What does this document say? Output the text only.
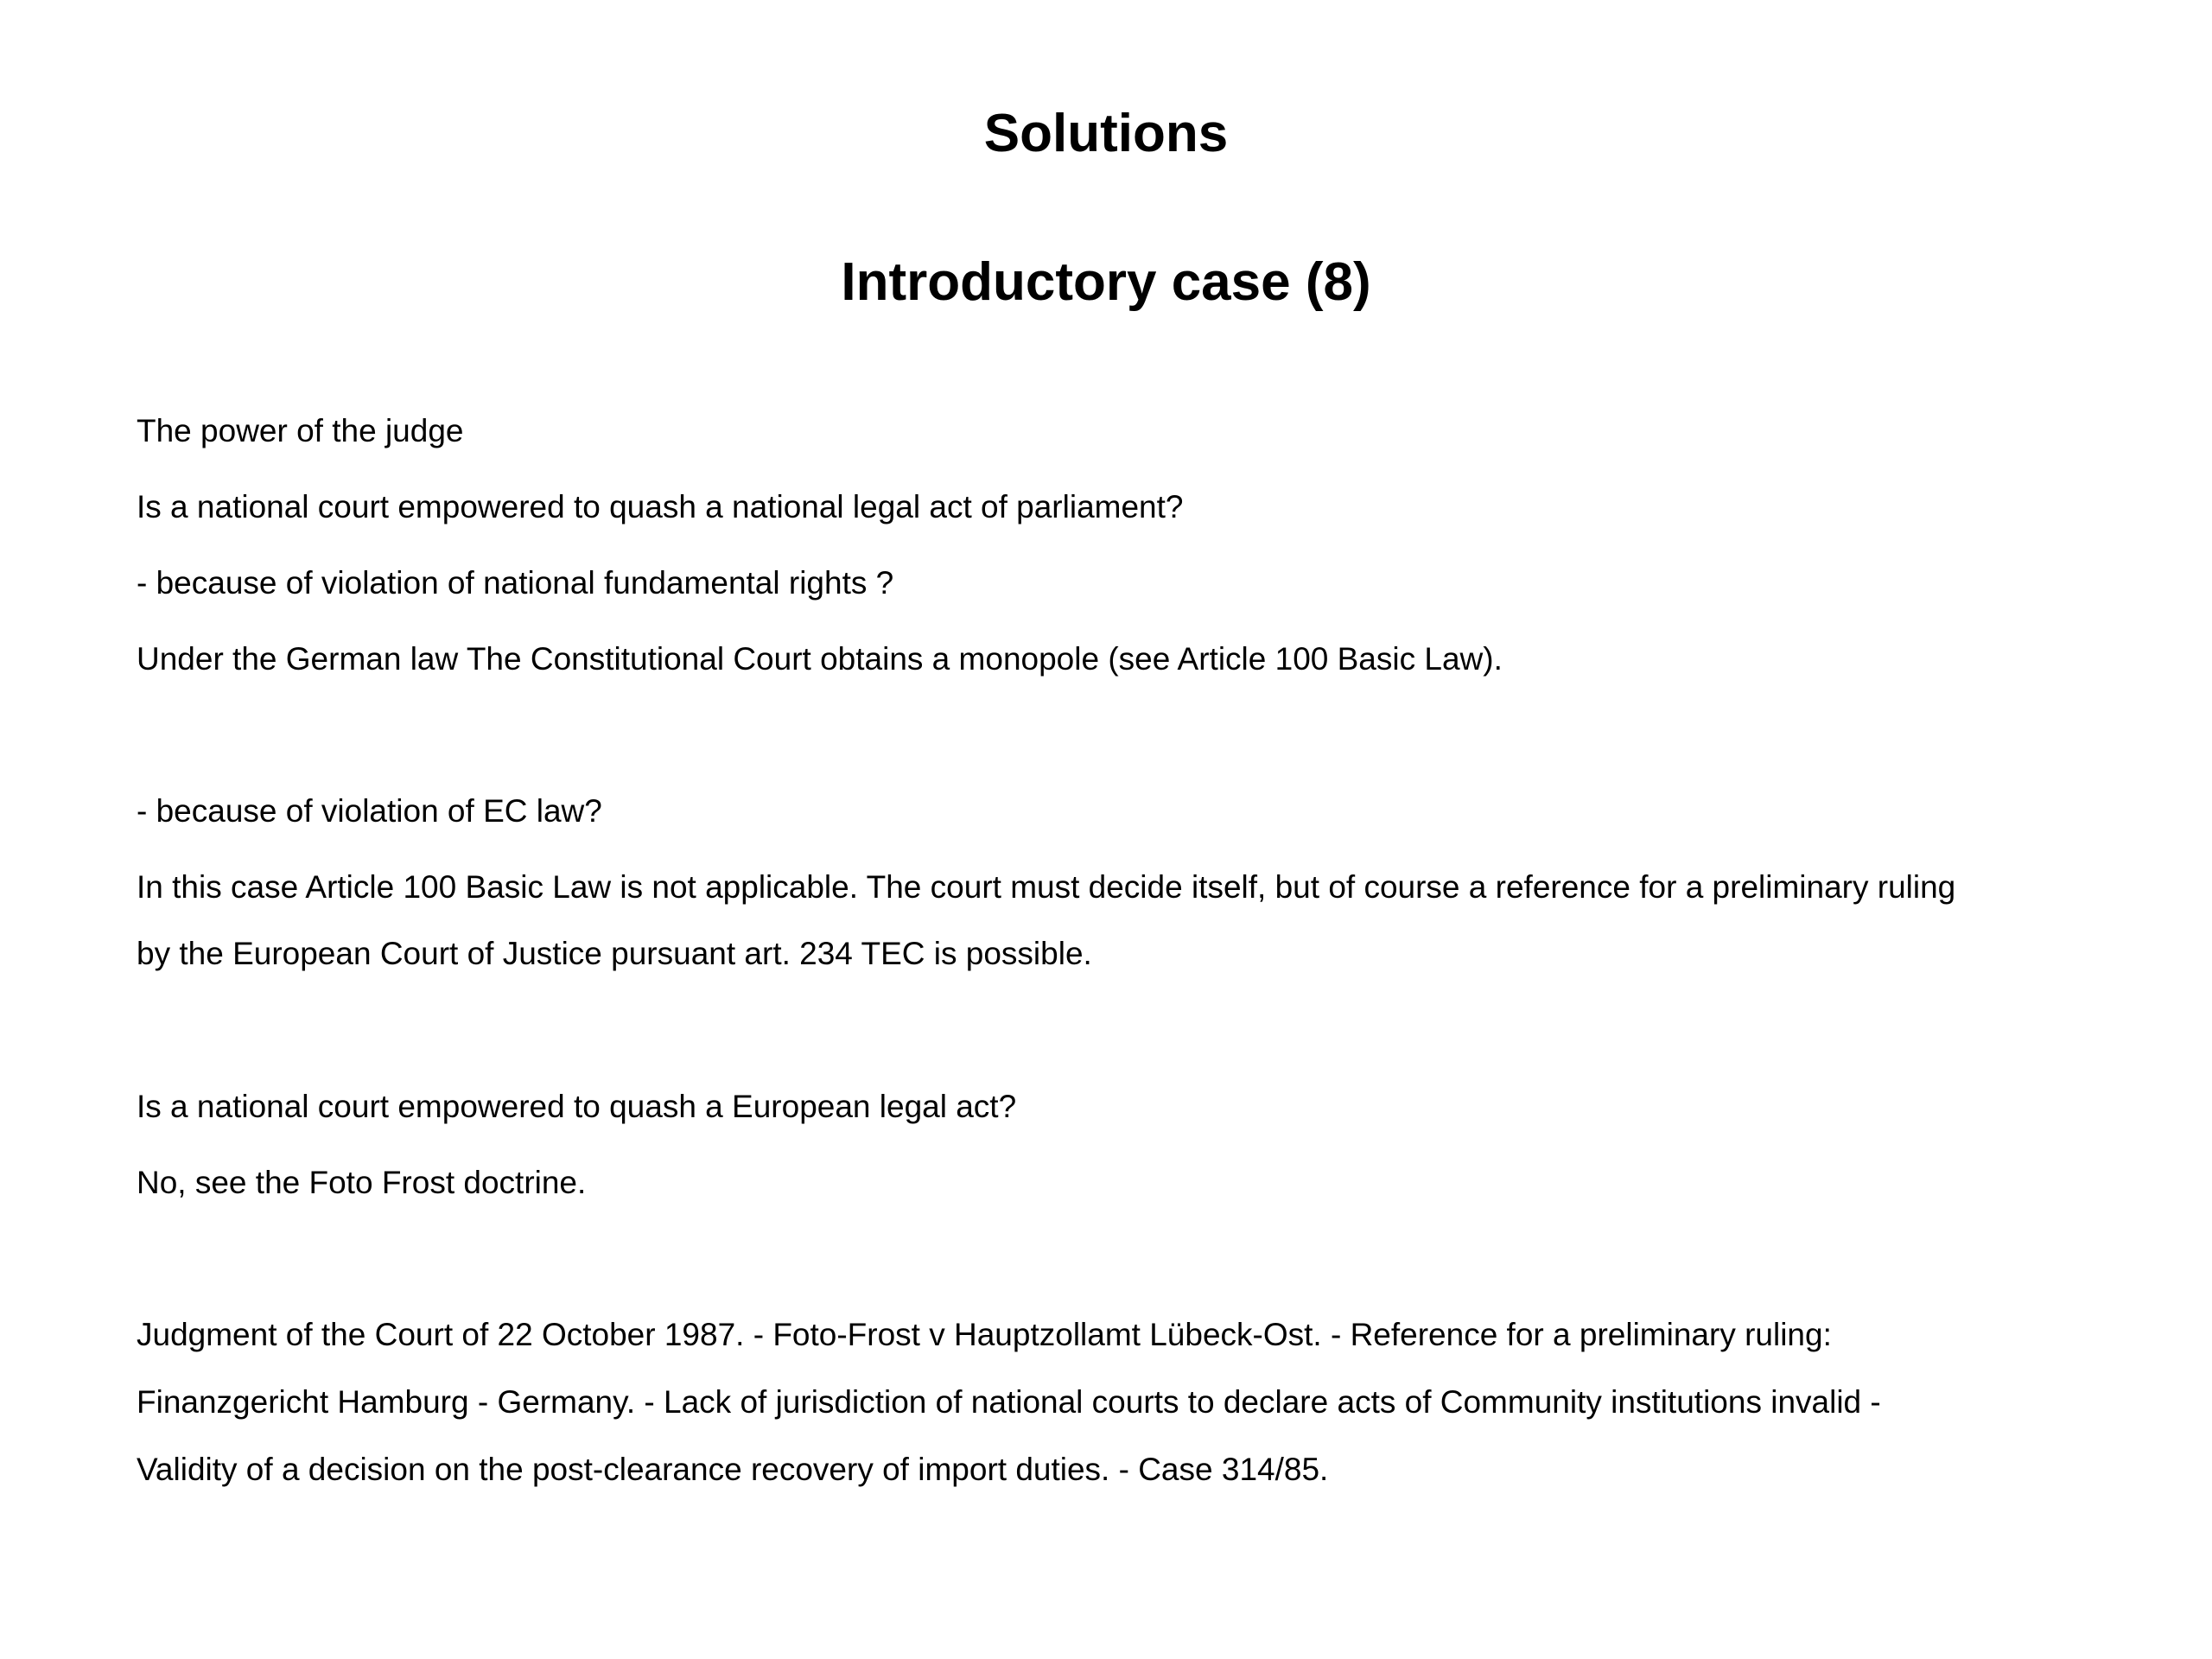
Solutions
Introductory case (8)

The power of the judge

Is a national court empowered to quash a national legal act of parliament?

- because of violation of national fundamental rights ?

Under the German law The Constitutional Court obtains a monopole (see Article 100 Basic Law).

- because of violation of EC law?

In this case Article 100 Basic Law is not applicable. The court must decide itself, but of course a reference for a preliminary ruling

by the European Court of Justice pursuant art. 234 TEC is possible.

Is a national court empowered to quash a European legal act?

No, see the Foto Frost doctrine.

Judgment of the Court of 22 October 1987. - Foto-Frost v Hauptzollamt Lübeck-Ost. - Reference for a preliminary ruling:

Finanzgericht Hamburg - Germany. - Lack of jurisdiction of national courts to declare acts of Community institutions invalid -

Validity of a decision on the post-clearance recovery of import duties. - Case 314/85.
